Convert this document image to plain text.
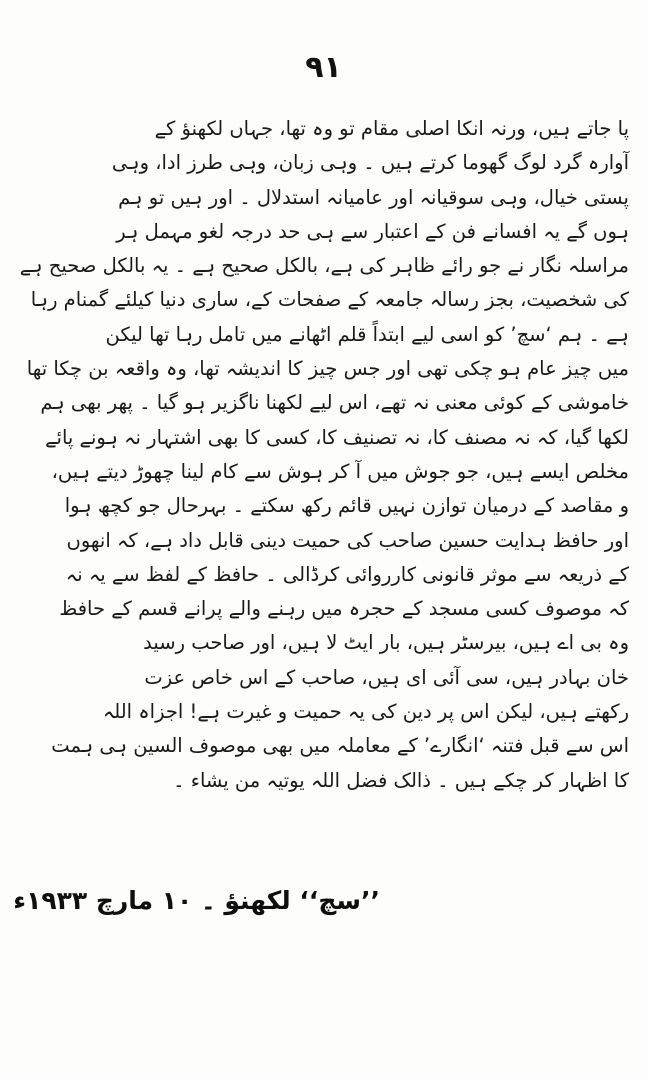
۹۱
پا جاتے ہیں، ورنہ انکا اصلی مقام تو وہ تھا، جہاں لکھنؤ کے
آوارہ گرد لوگ گھوما کرتے ہیں ۔ وہی زبان، وہی طرز ادا، وہی
پستی خیال، وہی سوقیانہ اور عامیانہ استدلال ۔ اور ہیں تو ہم
ہوں گے یہ افسانے فن کے اعتبار سے ہی حد درجہ لغو مہمل ہر
مراسلہ نگار نے جو رائے ظاہر کی ہے، بالکل صحیح ہے ۔ یہ بالکل صحیح ہے
کی شخصیت، بجز رسالہ جامعہ کے صفحات کے، ساری دنیا کیلئے گمنام رہا
ہے ۔ ہم ‘سچ’ کو اسی لیے ابتداً قلم اٹھانے میں تامل رہا تھا لیکن
میں چیز عام ہو چکی تھی اور جس چیز کا اندیشہ تھا، وہ واقعہ بن چکا تھا
خاموشی کے کوئی معنی نہ تھے، اس لیے لکھنا ناگزیر ہو گیا ۔ پھر بھی ہم
لکھا گیا، کہ نہ مصنف کا، نہ تصنیف کا، کسی کا بھی اشتہار نہ ہونے پائے
مخلص ایسے ہیں، جو جوش میں آ کر ہوش سے کام لینا چھوڑ دیتے ہیں،
و مقاصد کے درمیان توازن نہیں قائم رکھ سکتے ۔ بہرحال جو کچھ ہوا
اور حافظ ہدایت حسین صاحب کی حمیت دینی قابل داد ہے، کہ انھوں
کے ذریعہ سے موثر قانونی کارروائی کرڈالی ۔ حافظ کے لفظ سے یہ نہ
کہ موصوف کسی مسجد کے حجرہ میں رہنے والے پرانے قسم کے حافظ
وہ بی اے ہیں، بیرسٹر ہیں، بار ایٹ لا ہیں، اور صاحب رسید
خان بہادر ہیں، سی آئی ای ہیں، صاحب کے اس خاص عزت
رکھتے ہیں، لیکن اس پر دین کی یہ حمیت و غیرت ہے! اجزاہ اللہ
اس سے قبل فتنہ ‘انگارے’ کے معاملہ میں بھی موصوف السین ہی ہمت
کا اظہار کر چکے ہیں ۔ ذالک فضل اللہ یوتیہ من یشاء ۔
’’سچ‘‘ لکھنؤ ۔ ۱۰ مارچ ۱۹۳۳ء
